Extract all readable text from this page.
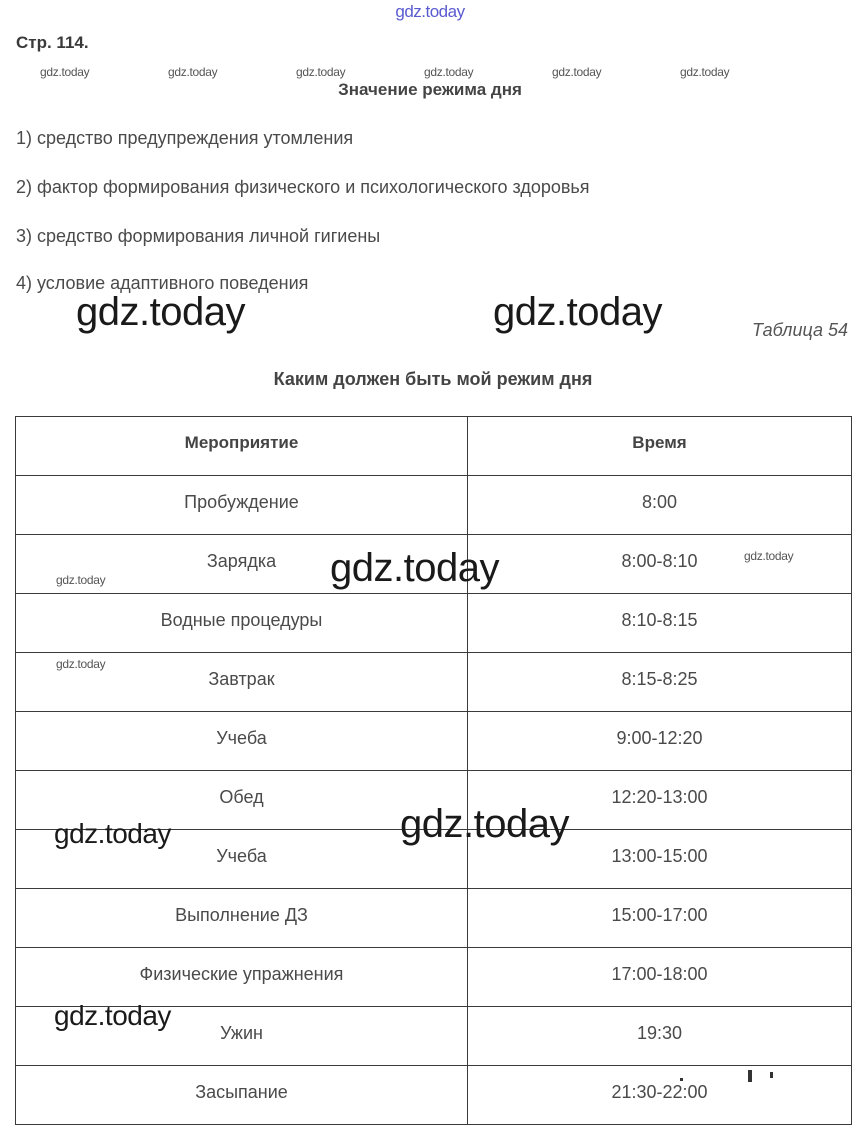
gdz.today
Стр. 114.
gdz.today	gdz.today	gdz.today	gdz.today	gdz.today	gdz.today
Значение режима дня
1) средство предупреждения утомления
2) фактор формирования физического и психологического здоровья
3) средство формирования личной гигиены
4) условие адаптивного поведения
gdz.today	gdz.today	Таблица 54
Каким должен быть мой режим дня
Мероприятие	Время
Пробуждение	8:00
Зарядка	8:00-8:10
Водные процедуры	8:10-8:15
Завтрак	8:15-8:25
Учеба	9:00-12:20
Обед	12:20-13:00
Учеба	13:00-15:00
Выполнение ДЗ	15:00-17:00
Физические упражнения	17:00-18:00
Ужин	19:30
Засыпание	21:30-22:00
gdz.today	gdz.today
gdz.today
gdz.today
gdz.today
gdz.today
gdz.today
